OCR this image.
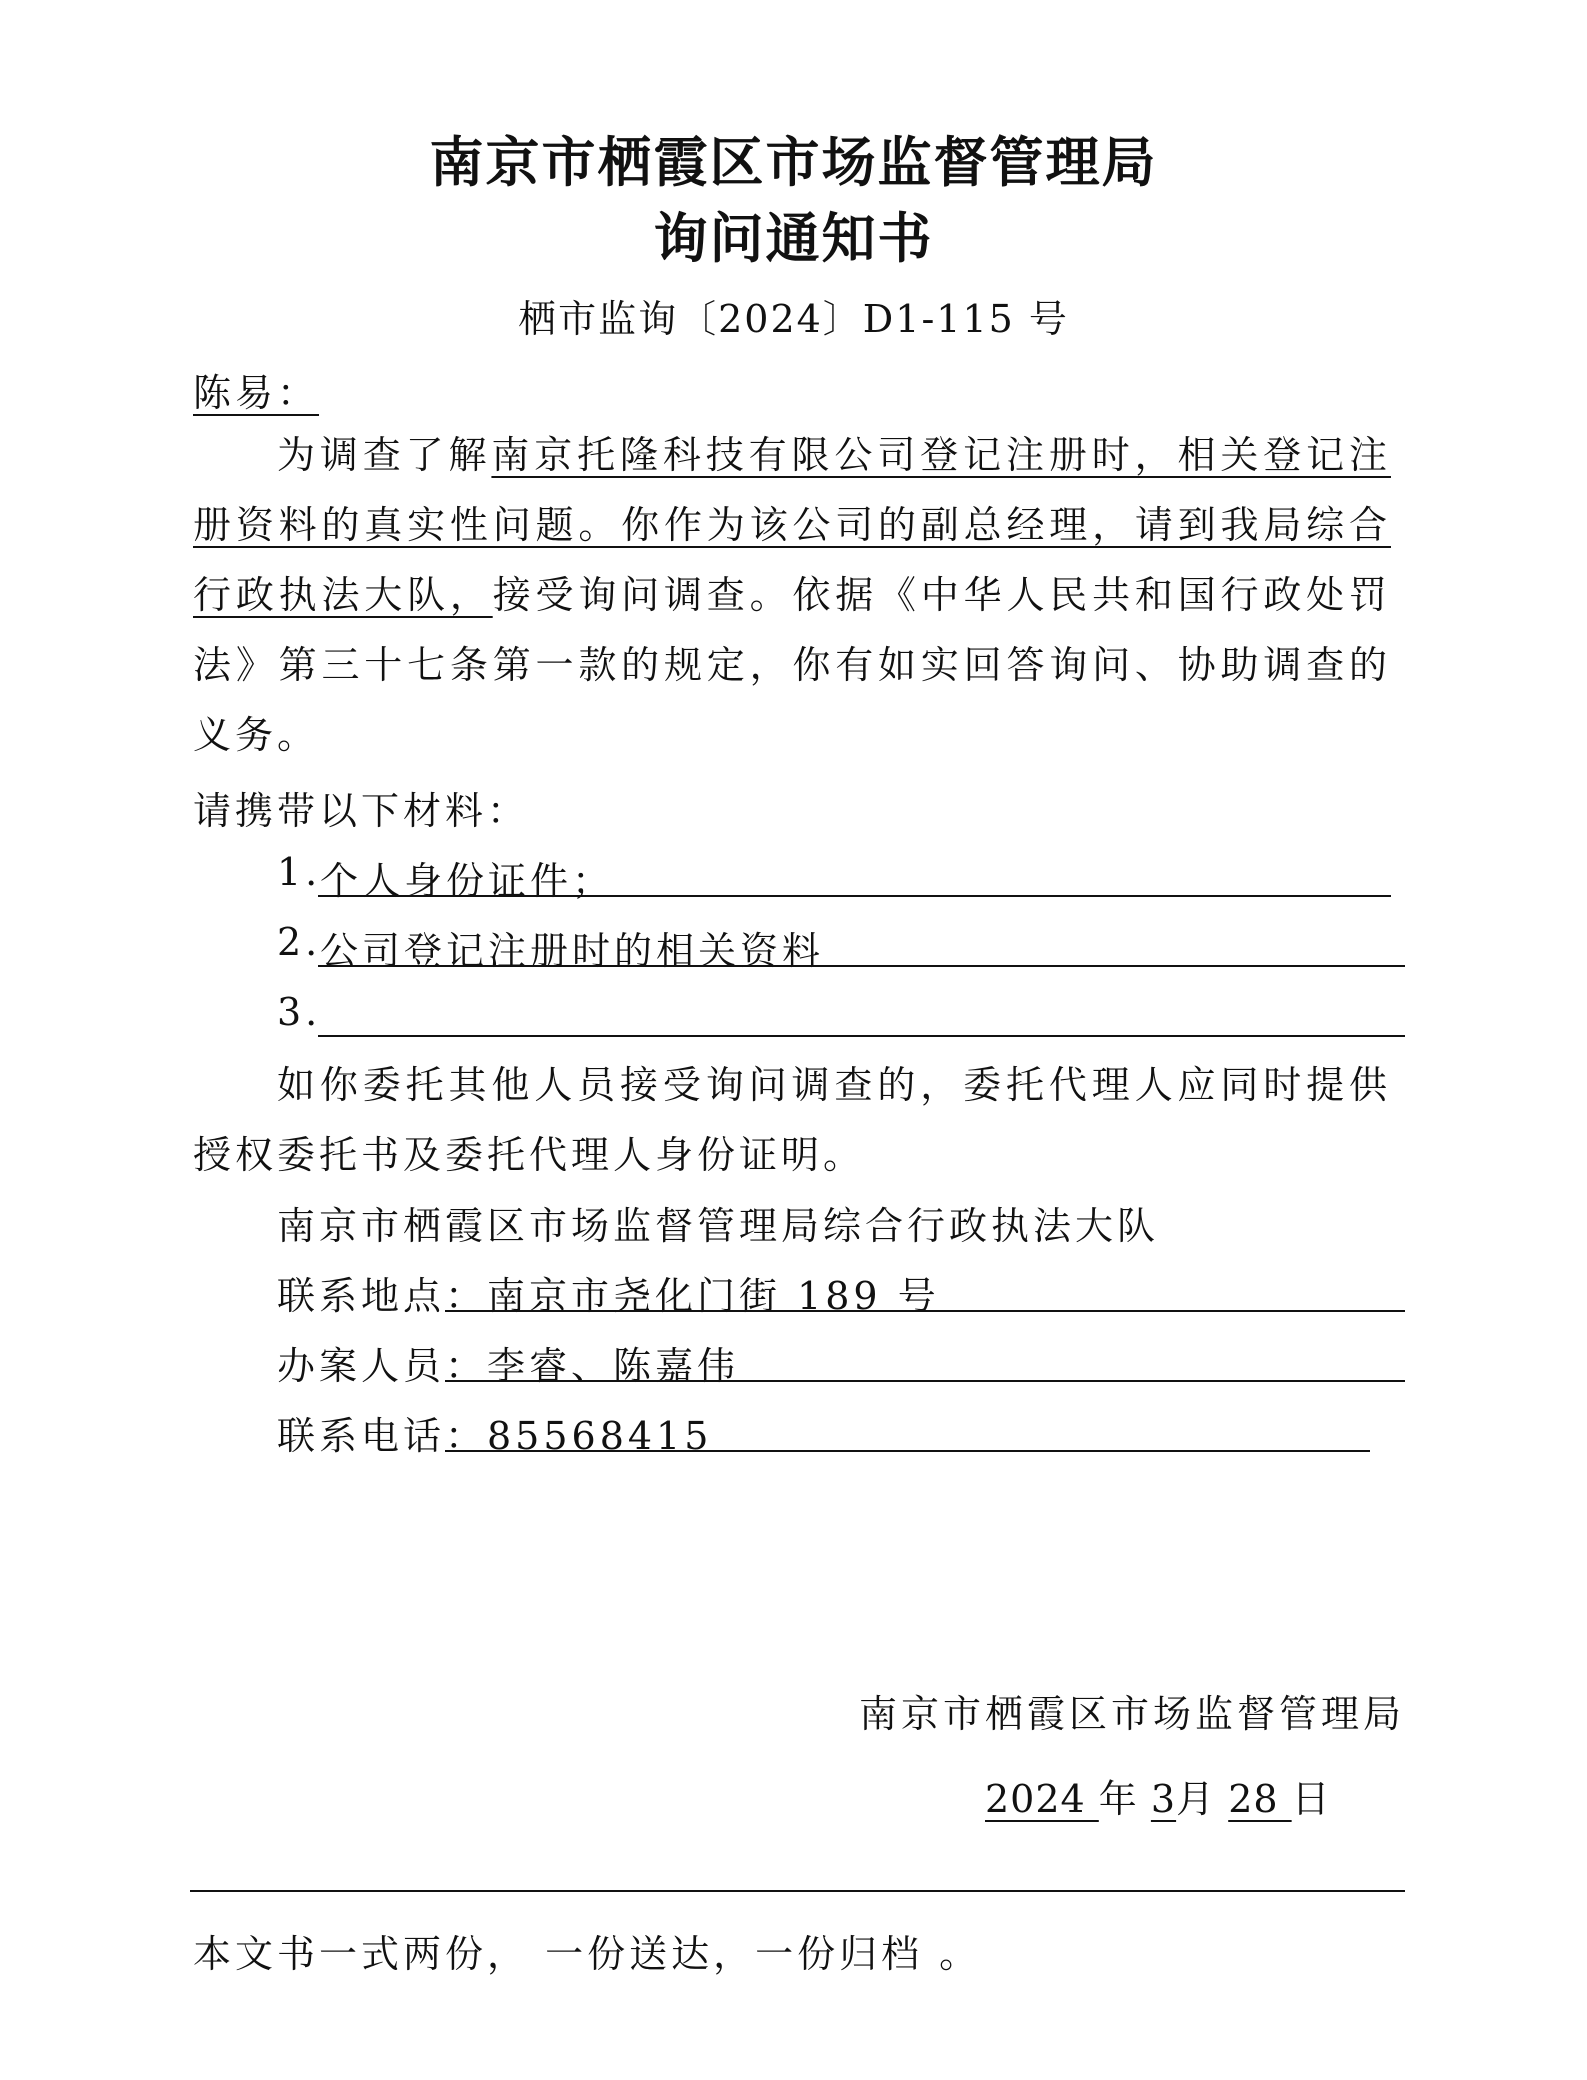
南京市栖霞区市场监督管理局
询问通知书
栖市监询〔2024〕D1-115 号
陈易：
为调查了解南京托隆科技有限公司登记注册时，相关登记注册资料的真实性问题。你作为该公司的副总经理，请到我局综合行政执法大队，接受询问调查。依据《中华人民共和国行政处罚法》第三十七条第一款的规定，你有如实回答询问、协助调查的义务。
请携带以下材料：
1.
个人身份证件；
2.
公司登记注册时的相关资料
3.
如你委托其他人员接受询问调查的，委托代理人应同时提供授权委托书及委托代理人身份证明。
南京市栖霞区市场监督管理局综合行政执法大队
联系地点 ：南京市尧化门街 189 号
办案人员 ：李睿、陈嘉伟
联系电话 ：85568415
南京市栖霞区市场监督管理局
2024 年 3月 28 日
本文书一式两份， 一份送达，一份归档 。
